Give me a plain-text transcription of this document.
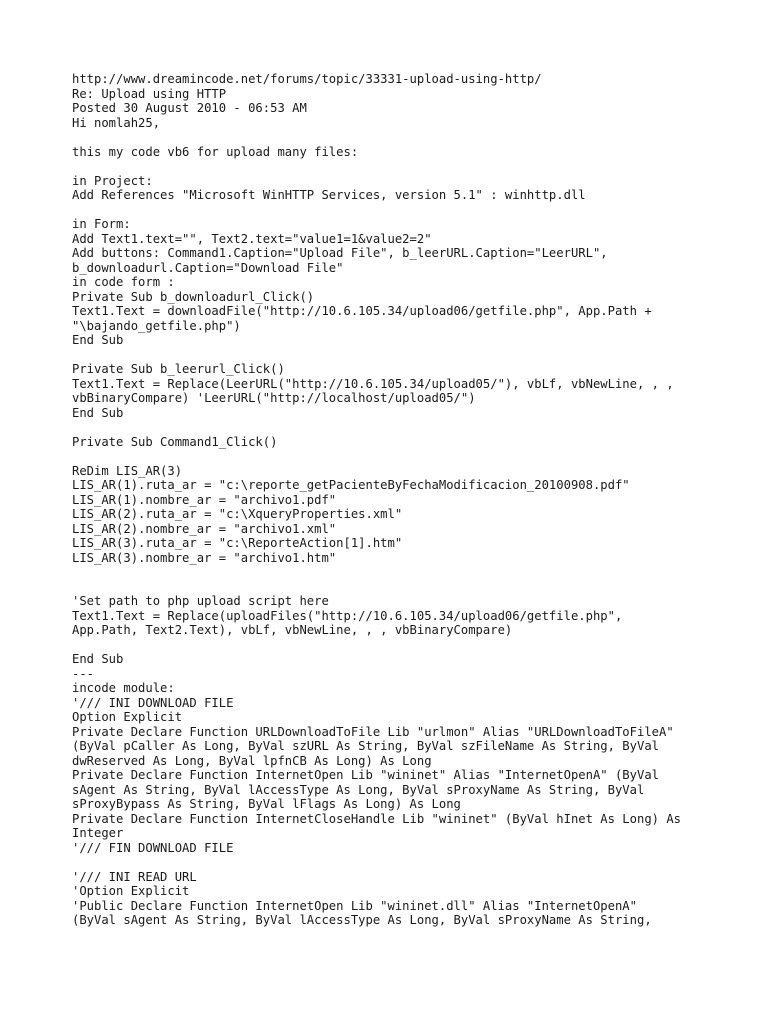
http://www.dreamincode.net/forums/topic/33331-upload-using-http/
Re: Upload using HTTP
Posted 30 August 2010 - 06:53 AM
Hi nomlah25,
this my code vb6 for upload many files:
in Project:
Add References "Microsoft WinHTTP Services, version 5.1" : winhttp.dll
in Form:
Add Text1.text="", Text2.text="value1=1&value2=2"
Add buttons: Command1.Caption="Upload File", b_leerURL.Caption="LeerURL",
b_downloadurl.Caption="Download File"
in code form :
Private Sub b_downloadurl_Click()
Text1.Text = downloadFile("http://10.6.105.34/upload06/getfile.php", App.Path +
"\bajando_getfile.php")
End Sub
Private Sub b_leerurl_Click()
Text1.Text = Replace(LeerURL("http://10.6.105.34/upload05/"), vbLf, vbNewLine, , ,
vbBinaryCompare) 'LeerURL("http://localhost/upload05/")
End Sub
Private Sub Command1_Click()
ReDim LIS_AR(3)
LIS_AR(1).ruta_ar = "c:\reporte_getPacienteByFechaModificacion_20100908.pdf"
LIS_AR(1).nombre_ar = "archivo1.pdf"
LIS_AR(2).ruta_ar = "c:\XqueryProperties.xml"
LIS_AR(2).nombre_ar = "archivo1.xml"
LIS_AR(3).ruta_ar = "c:\ReporteAction[1].htm"
LIS_AR(3).nombre_ar = "archivo1.htm"
'Set path to php upload script here
Text1.Text = Replace(uploadFiles("http://10.6.105.34/upload06/getfile.php",
App.Path, Text2.Text), vbLf, vbNewLine, , , vbBinaryCompare)
End Sub
---
incode module:
'/// INI DOWNLOAD FILE
Option Explicit
Private Declare Function URLDownloadToFile Lib "urlmon" Alias "URLDownloadToFileA"
(ByVal pCaller As Long, ByVal szURL As String, ByVal szFileName As String, ByVal
dwReserved As Long, ByVal lpfnCB As Long) As Long
Private Declare Function InternetOpen Lib "wininet" Alias "InternetOpenA" (ByVal
sAgent As String, ByVal lAccessType As Long, ByVal sProxyName As String, ByVal
sProxyBypass As String, ByVal lFlags As Long) As Long
Private Declare Function InternetCloseHandle Lib "wininet" (ByVal hInet As Long) As
Integer
'/// FIN DOWNLOAD FILE
'/// INI READ URL
'Option Explicit
'Public Declare Function InternetOpen Lib "wininet.dll" Alias "InternetOpenA"
(ByVal sAgent As String, ByVal lAccessType As Long, ByVal sProxyName As String,
